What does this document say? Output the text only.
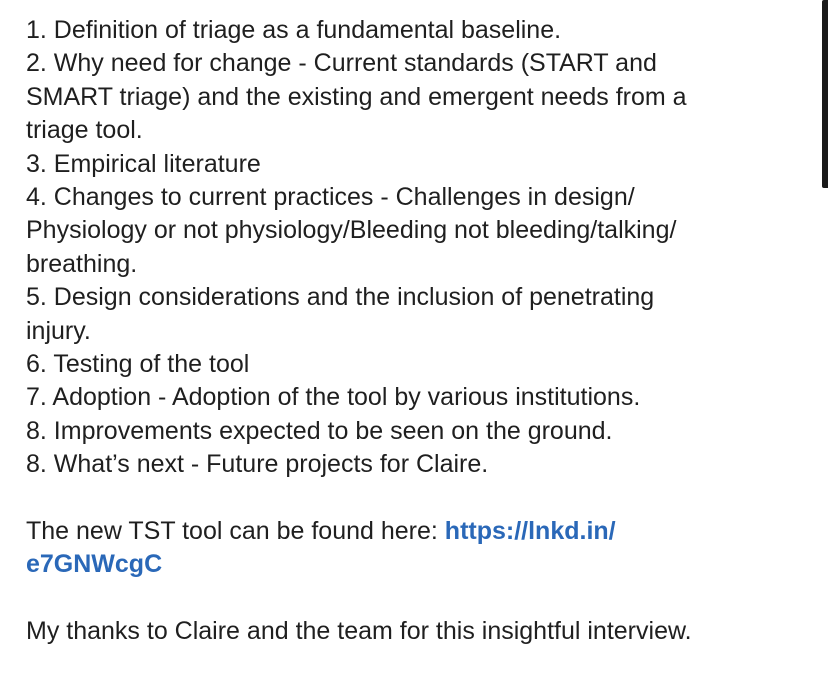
1. Definition of triage as a fundamental baseline.
2. Why need for change - Current standards (START and
SMART triage) and the existing and emergent needs from a
triage tool.
3. Empirical literature
4. Changes to current practices - Challenges in design/
Physiology or not physiology/Bleeding not bleeding/talking/
breathing.
5. Design considerations and the inclusion of penetrating
injury.
6. Testing of the tool
7. Adoption - Adoption of the tool by various institutions.
8. Improvements expected to be seen on the ground.
8. What’s next - Future projects for Claire.
The new TST tool can be found here: https://lnkd.in/
e7GNWcgC
My thanks to Claire and the team for this insightful interview.
